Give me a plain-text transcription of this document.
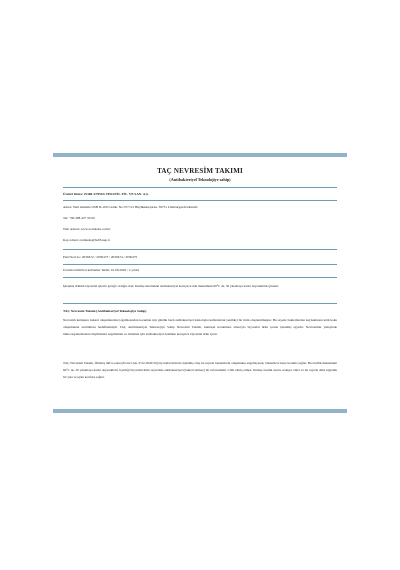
TAÇ NEVRESİM TAKIMI
(Antibakteriyel Teknolojiye sahip)
Üretici firma: ZORLUTEKS TEKSTİL TİC. VE SAN. A.Ş.
Adres: Yeni mahalle OSB D-100 Cadde, No:37/7/21 Büyükkarıştıran, 39751 Lüleburgaz/Kırklareli
Tel: +90 288 427 50 00
Web Adresi: www.zorluteks.com.tr
Kep adresi: zorluteks@hs03.kep.tr
Parti/Seri no: 2030472 / 2030473 / 2030474 / 2030475
Üretim tarihi/Son kullanma Tarihi: 01.09.2020 / 2 yıldız
İşlenmiş ürünün biyosidal işlevin gereği: olduğu olan: Kumaş üzerindeki antibakteriyel koruyucu etki maksimum 60°C de, 50 yıkamaya kadar dayanıklılık gösterir.
TAÇ Nevresim Takımı (Antibakteriyel Teknolojiye Sahip)
Nevresim kumaşını bakteri oluşumundan/çoğalmasından korumak için günlük bazlı antibakteriyel teknolojisi kullanılarak yenilikçi bir ürün oluşturulmuştur. Bu sayede bakterilerden kaynaklanan kötü koku oluşumunun azaltılması hedeflenmiştir. TAÇ Antibakteriyel Teknolojiye Sahip Nevresim Takımı, kumaşın korunması amacıyla biyosidal ürün içeren işlenmiş eşyadır. Nevresimin yüzeyinde mikroorganizmaların büyümesini engellemek ve önlemek için antibakteriyel özellikte koruyucu biyosidal ürün içerir.
TAÇ Nevresim Takımı, Ölmdaş ihtiva eden (Protect AG-T/22-2020/34) biyosidal ürün ile işlenmiş olup bu sayede bakterilerin oluşumunu engelleyerek, bakterilere karşı koruma sağlar. Bu özellik maksimum 60°C de, 50 yıkamaya kadar dayanıklıdır. İçerdiği biyosidal ürün sayesinde antibakteriyel (bakteri tutmaz) bir nevresimdir. Cildi tahriş etmez. Kumaş özelini uzatır, kokuya önler ve bu sayede daha hijyenik bir yıkı ve uyku konforu sağlar.
